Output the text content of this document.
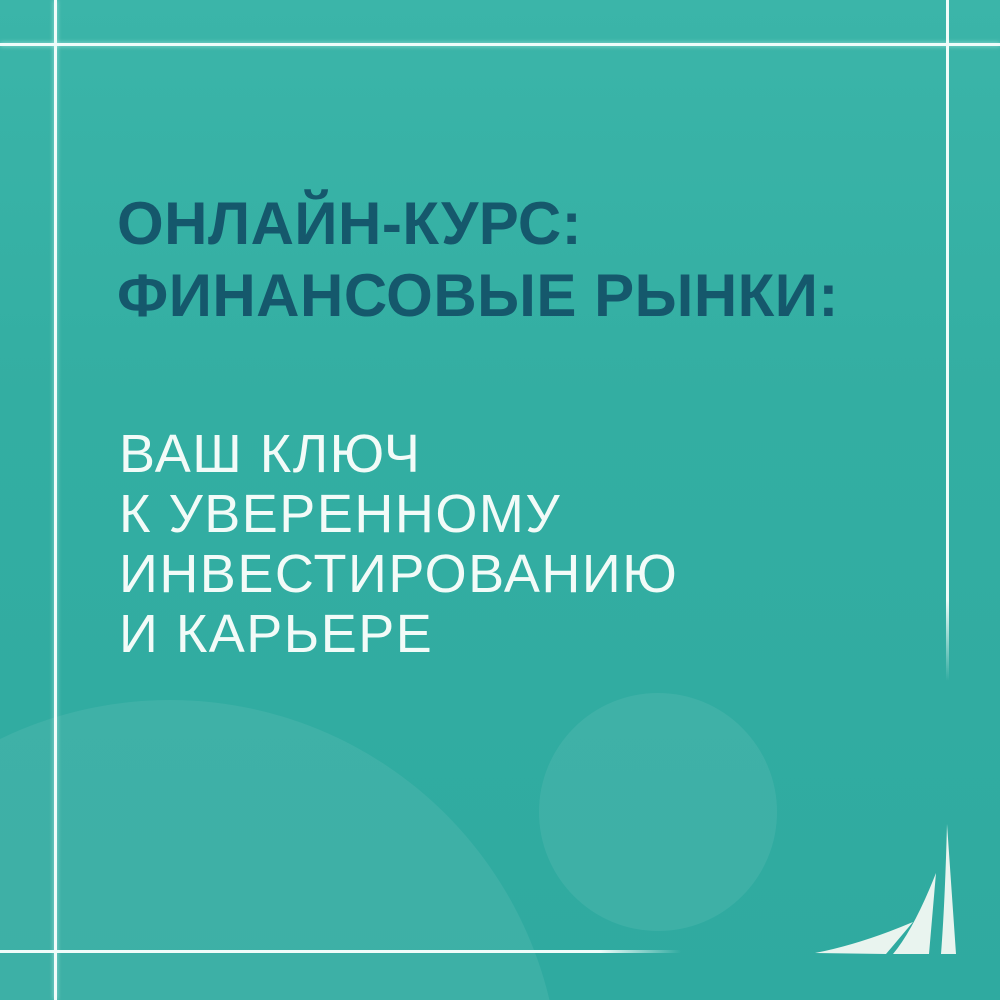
ОНЛАЙН-КУРС:
ФИНАНСОВЫЕ РЫНКИ:
ВАШ КЛЮЧ
К УВЕРЕННОМУ
ИНВЕСТИРОВАНИЮ
И КАРЬЕРЕ
